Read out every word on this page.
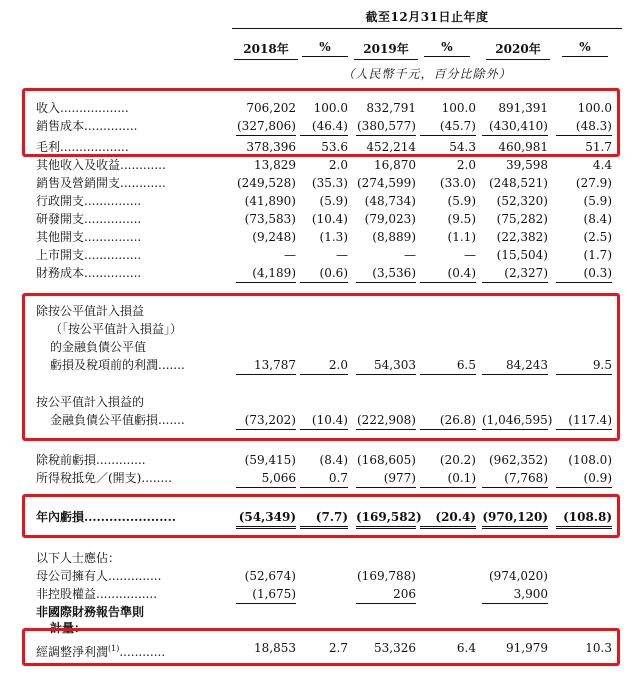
截至12月31日止年度
2018年	%	2019年	%	2020年	%
（人民幣千元，百分比除外）
收入..................	706,202	100.0	832,791	100.0	891,391	100.0
銷售成本..............	(327,806)	(46.4) (380,577)	(45.7)	(430,410)	(48.3)
毛利..................	378,396	53.6	452,214	54.3	460,981	51.7
其他收入及收益............	13,829	2.0	16,870	2.0	39,598	4.4
銷售及營銷開支............	(249,528)	(35.3) (274,599)	(33.0)	(248,521)	(27.9)
行政開支...............	(41,890)	(5.9)	(48,734)	(5.9)	(52,320)	(5.9)
研發開支...............	(73,583)	(10.4)	(79,023)	(9.5)	(75,282)	(8.4)
其他開支...............	(9,248)	(1.3)	(8,889)	(1.1)	(22,382)	(2.5)
上市開支...............	—	—	—	—	(15,504)	(1.7)
財務成本...............	(4,189)	(0.6)	(3,536)	(0.4)	(2,327)	(0.3)
除按公平值計入損益
（「按公平值計入損益」）
的金融負債公平值
虧損及稅項前的利潤.......	13,787	2.0	54,303	6.5	84,243	9.5
按公平值計入損益的
金融負債公平值虧損.......	(73,202)	(10.4) (222,908)	(26.8) (1,046,595)	(117.4)
除稅前虧損.............	(59,415)	(8.4) (168,605)	(20.2)	(962,352)	(108.0)
所得稅抵免／(開支)........	5,066	0.7	(977)	(0.1)	(7,768)	(0.9)
年內虧損......................	(54,349)	(7.7) (169,582)	(20.4) (970,120)	(108.8)
以下人士應佔：
母公司擁有人..............	(52,674)	(169,788)	(974,020)
非控股權益................	(1,675)	206	3,900
非國際財務報告準則
計量：
經調整淨利潤$^{(1)}$............	18,853	2.7	53,326	6.4	91,979	10.3
